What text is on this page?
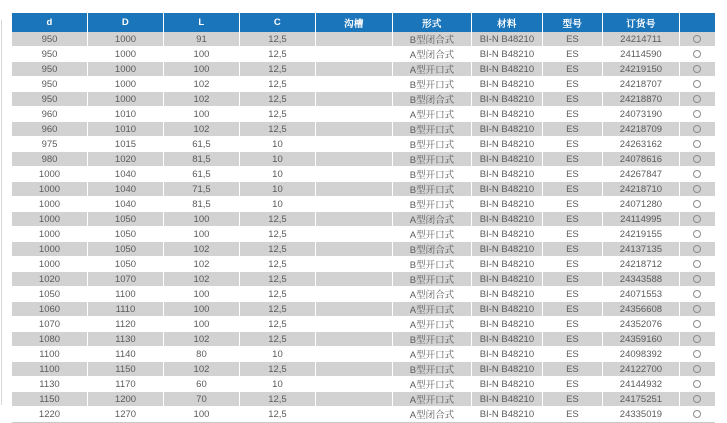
d	D	L	C	沟槽	形式	材料	型号	订货号	
950	1000	91	12,5		B型闭合式	BI-N B48210	ES	24214711	
950	1000	100	12,5		A型闭合式	BI-N B48210	ES	24114590	
950	1000	100	12,5		A型开口式	BI-N B48210	ES	24219150	
950	1000	102	12,5		B型开口式	BI-N B48210	ES	24218707	
950	1000	102	12,5		B型闭合式	BI-N B48210	ES	24218870	
960	1010	100	12,5		A型开口式	BI-N B48210	ES	24073190	
960	1010	102	12,5		B型开口式	BI-N B48210	ES	24218709	
975	1015	61,5	10		B型开口式	BI-N B48210	ES	24263162	
980	1020	81,5	10		B型开口式	BI-N B48210	ES	24078616	
1000	1040	61,5	10		B型开口式	BI-N B48210	ES	24267847	
1000	1040	71,5	10		B型开口式	BI-N B48210	ES	24218710	
1000	1040	81,5	10		B型开口式	BI-N B48210	ES	24071280	
1000	1050	100	12,5		A型闭合式	BI-N B48210	ES	24114995	
1000	1050	100	12,5		A型开口式	BI-N B48210	ES	24219155	
1000	1050	102	12,5		B型闭合式	BI-N B48210	ES	24137135	
1000	1050	102	12,5		B型开口式	BI-N B48210	ES	24218712	
1020	1070	102	12,5		B型开口式	BI-N B48210	ES	24343588	
1050	1100	100	12,5		A型闭合式	BI-N B48210	ES	24071553	
1060	1110	100	12,5		A型开口式	BI-N B48210	ES	24356608	
1070	1120	100	12,5		A型开口式	BI-N B48210	ES	24352076	
1080	1130	102	12,5		B型开口式	BI-N B48210	ES	24359160	
1100	1140	80	10		A型开口式	BI-N B48210	ES	24098392	
1100	1150	102	12,5		B型开口式	BI-N B48210	ES	24122700	
1130	1170	60	10		A型开口式	BI-N B48210	ES	24144932	
1150	1200	70	12,5		A型开口式	BI-N B48210	ES	24175251	
1220	1270	100	12,5		A型闭合式	BI-N B48210	ES	24335019	
